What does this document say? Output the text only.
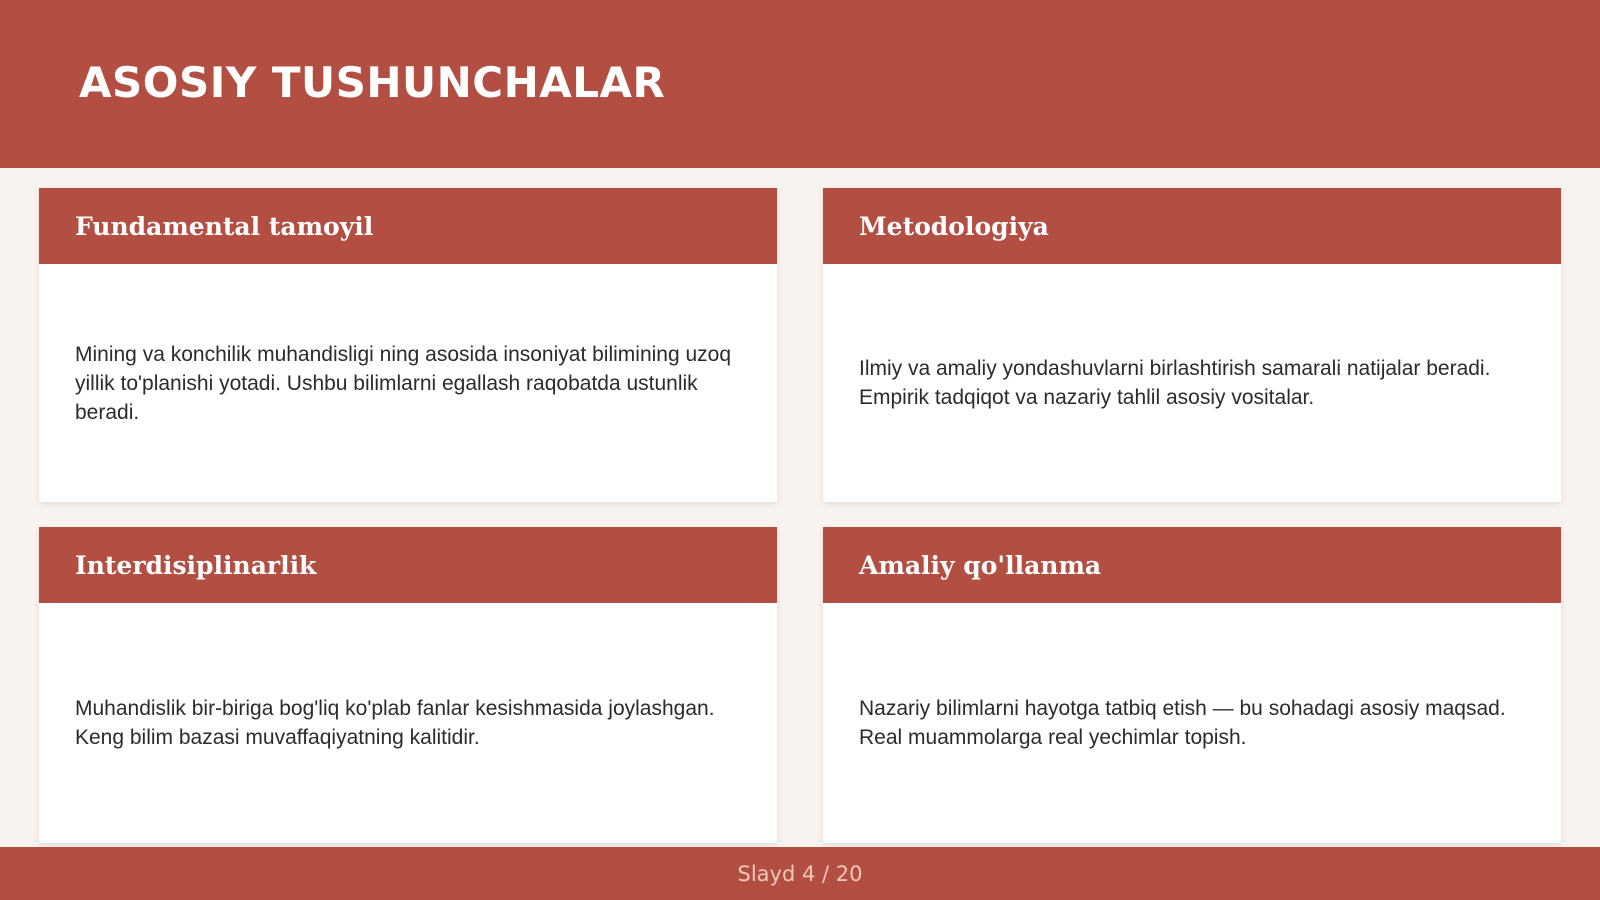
ASOSIY TUSHUNCHALAR
Fundamental tamoyil
Mining va konchilik muhandisligi ning asosida insoniyat bilimining uzoq yillik to'planishi yotadi. Ushbu bilimlarni egallash raqobatda ustunlik beradi.
Metodologiya
Ilmiy va amaliy yondashuvlarni birlashtirish samarali natijalar beradi. Empirik tadqiqot va nazariy tahlil asosiy vositalar.
Interdisiplinarlik
Muhandislik bir-biriga bog'liq ko'plab fanlar kesishmasida joylashgan. Keng bilim bazasi muvaffaqiyatning kalitidir.
Amaliy qo'llanma
Nazariy bilimlarni hayotga tatbiq etish — bu sohadagi asosiy maqsad. Real muammolarga real yechimlar topish.
Slayd 4 / 20
